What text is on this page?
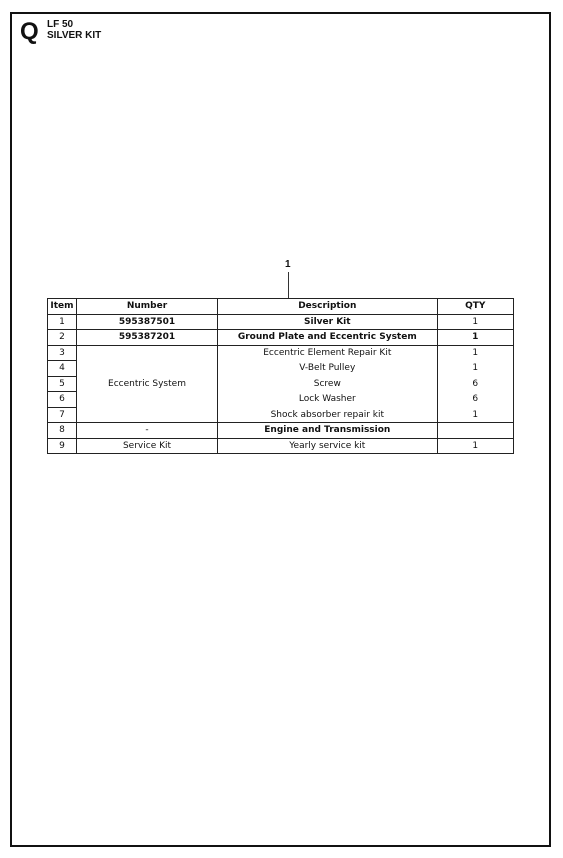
Q LF 50
SILVER KIT
1
Item	Number	Description	QTY
1	595387501	Silver Kit	1
2	595387201	Ground Plate and Eccentric System	1
3	Eccentric System	Eccentric Element Repair Kit	1
4		V-Belt Pulley	1
5		Screw	6
6		Lock Washer	6
7		Shock absorber repair kit	1
8	-	Engine and Transmission	
9	Service Kit	Yearly service kit	1
